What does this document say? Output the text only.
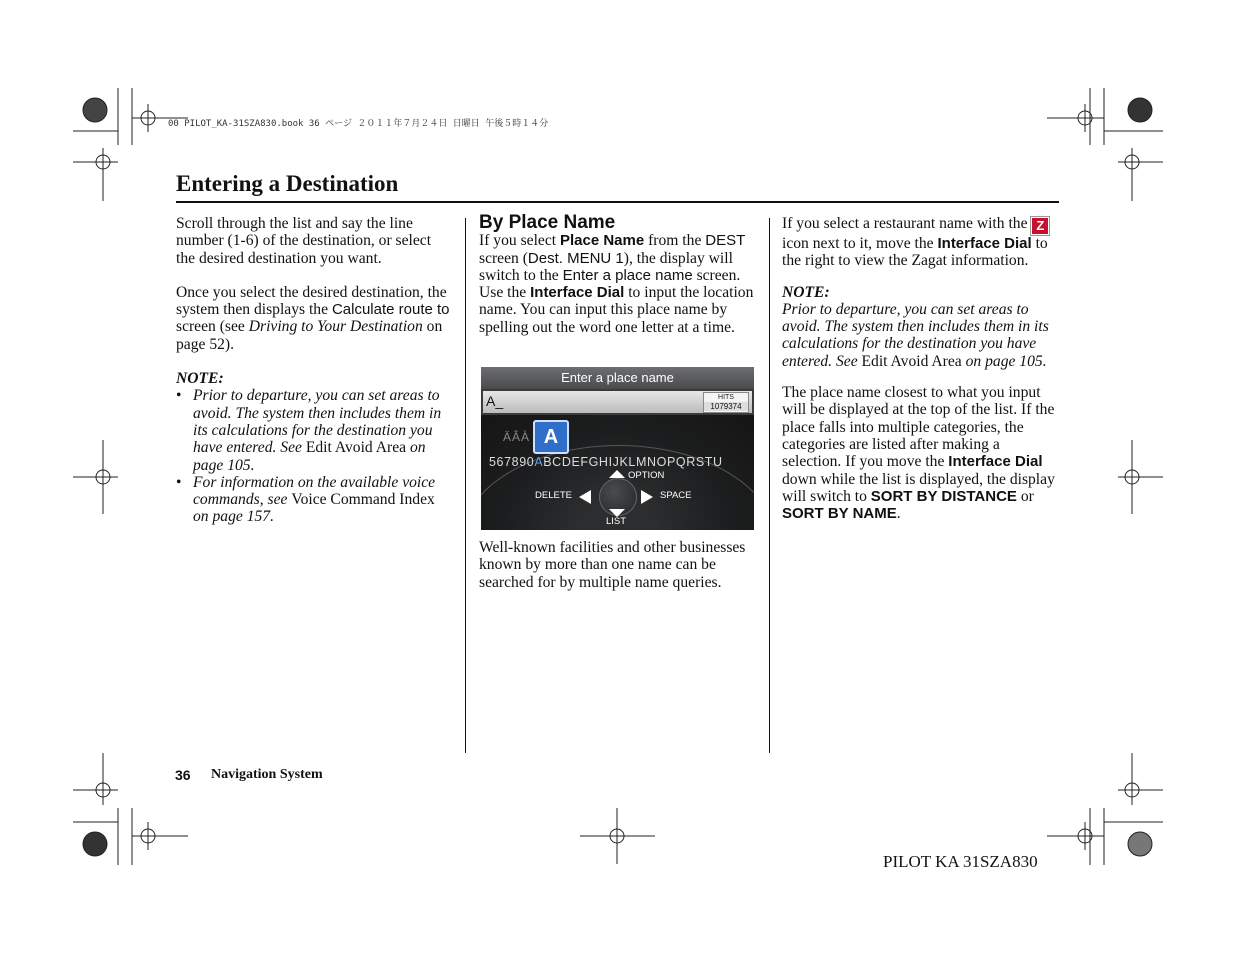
00 PILOT_KA-31SZA830.book 36 ページ ２０１１年７月２４日 日曜日 午後５時１４分
Entering a Destination

Scroll through the list and say the line number (1-6) of the destination, or select the desired destination you want.

Once you select the desired destination, the system then displays the Calculate route to screen (see Driving to Your Destination on page 52).

NOTE:

• Prior to departure, you can set areas to avoid. The system then includes them in its calculations for the destination you have entered. See Edit Avoid Area on page 105.
• For information on the available voice commands, see Voice Command Index on page 157.
By Place Name

If you select Place Name from the DEST screen (Dest. MENU 1), the display will switch to the Enter a place name screen. Use the Interface Dial to input the location name. You can input this place name by spelling out the word one letter at a time.

Enter a place name
A_	HITS
1079374
ÄÂÀ A
567890ABCDEFGHIJKLMNOPQRSTU
OPTION
DELETE	SPACE
LIST

Well-known facilities and other businesses known by more than one name can be searched for by multiple name queries.

If you select a restaurant name with the Z icon next to it, move the Interface Dial to the right to view the Zagat information.

NOTE:

Prior to departure, you can set areas to avoid. The system then includes them in its calculations for the destination you have entered. See Edit Avoid Area on page 105.

The place name closest to what you input will be displayed at the top of the list. If the place falls into multiple categories, the categories are listed after making a selection. If you move the Interface Dial down while the list is displayed, the display will switch to SORT BY DISTANCE or SORT BY NAME.

36 Navigation System
PILOT KA 31SZA830
